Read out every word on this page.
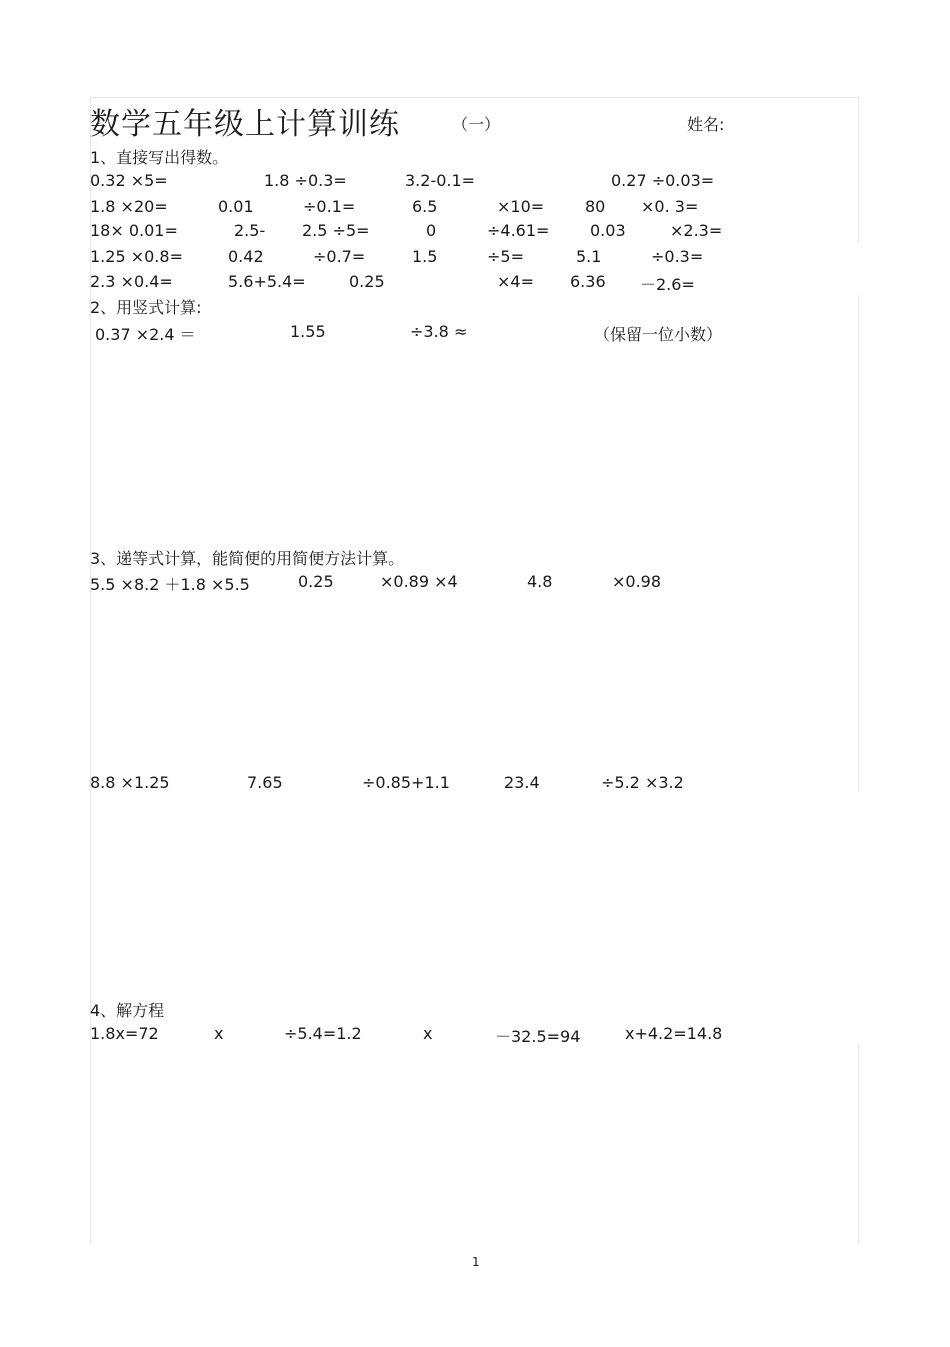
数学五年级上计算训练	（一）	姓名:
1、直接写出得数。
0.32 ×5=	1.8 ÷0.3=	3.2-0.1=	0.27 ÷0.03=
1.8 ×20=	0.01	÷0.1=	6.5	×10=	80 ×0. 3=
18× 0.01=	2.5- 2.5 ÷5=	0	÷4.61=	0.03	×2.3=
1.25 ×0.8=	0.42	÷0.7=	1.5	÷5=	5.1	÷0.3=
2.3 ×0.4=	5.6+5.4=	0.25	×4= 6.36 －2.6=
2、用竖式计算:
0.37 ×2.4 ＝	1.55	÷3.8 ≈	（保留一位小数）
3、递等式计算，能简便的用简便方法计算。
5.5 ×8.2 ＋1.8 ×5.5	0.25	×0.89 ×4	4.8	×0.98
8.8 ×1.25	7.65	÷0.85+1.1	23.4	÷5.2 ×3.2
4、解方程
1.8x=72	x	÷5.4=1.2	x	－32.5=94	x+4.2=14.8
1
